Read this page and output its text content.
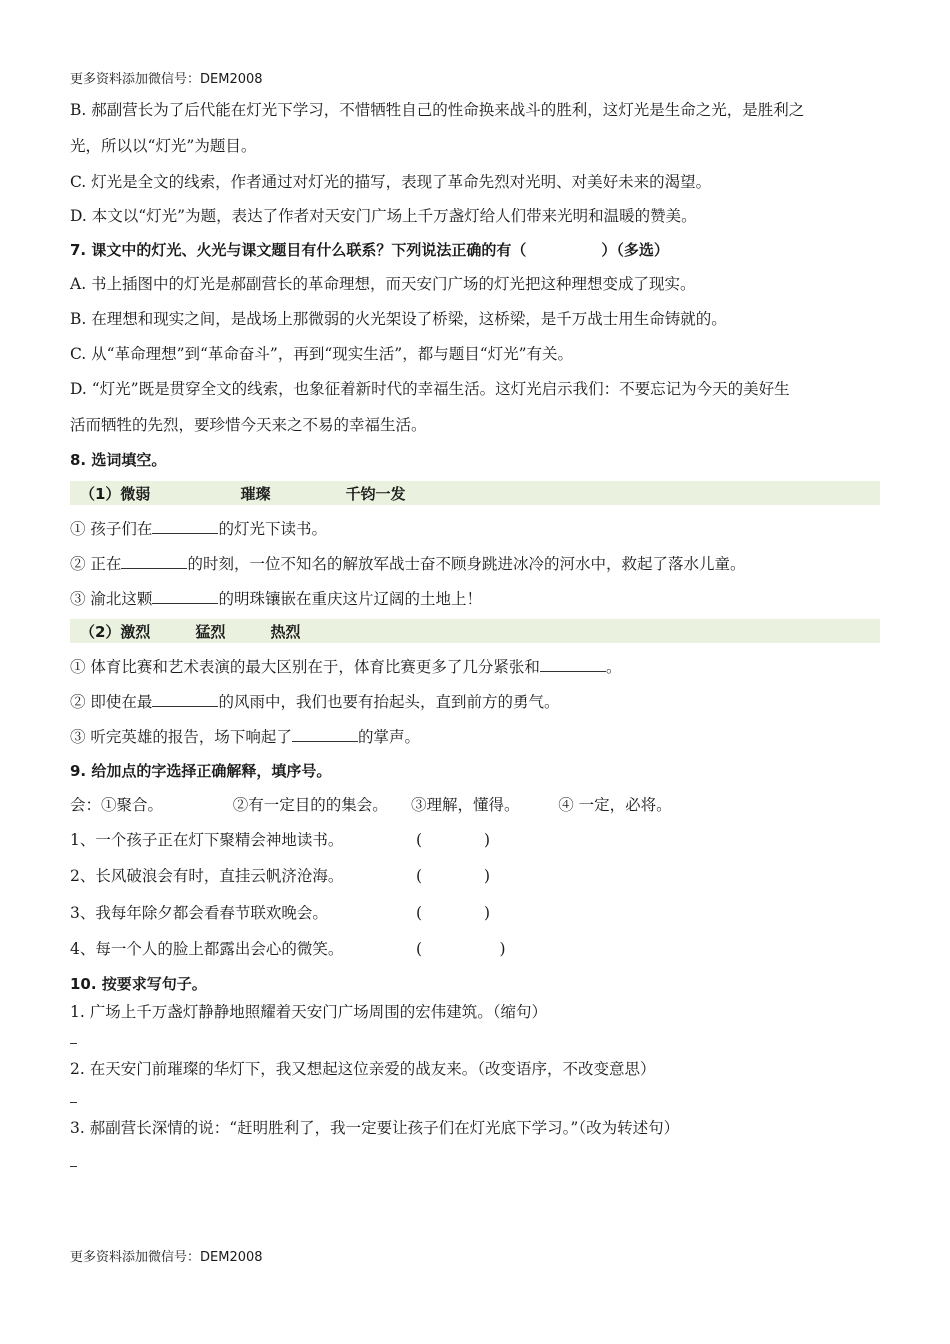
更多资料添加微信号：DEM2008
B. 郝副营长为了后代能在灯光下学习，不惜牺牲自己的性命换来战斗的胜利，这灯光是生命之光，是胜利之
光，所以以“灯光”为题目。
C. 灯光是全文的线索，作者通过对灯光的描写，表现了革命先烈对光明、对美好未来的渴望。
D. 本文以“灯光”为题，表达了作者对天安门广场上千万盏灯给人们带来光明和温暖的赞美。
7. 课文中的灯光、火光与课文题目有什么联系？下列说法正确的有（　　　　　）（多选）
A. 书上插图中的灯光是郝副营长的革命理想，而天安门广场的灯光把这种理想变成了现实。
B. 在理想和现实之间，是战场上那微弱的火光架设了桥梁，这桥梁，是千万战士用生命铸就的。
C. 从“革命理想”到“革命奋斗”，再到“现实生活”，都与题目“灯光”有关。
D. “灯光”既是贯穿全文的线索，也象征着新时代的幸福生活。这灯光启示我们：不要忘记为今天的美好生
活而牺牲的先烈，要珍惜今天来之不易的幸福生活。
8. 选词填空。
（1）微弱　　　　　　璀璨　　　　　千钧一发
① 孩子们在	的灯光下读书。
② 正在	的时刻，一位不知名的解放军战士奋不顾身跳进冰冷的河水中，救起了落水儿童。
③ 渝北这颗	的明珠镶嵌在重庆这片辽阔的土地上！
（2）激烈　　　猛烈　　　热烈
① 体育比赛和艺术表演的最大区别在于，体育比赛更多了几分紧张和	。
② 即使在最	的风雨中，我们也要有抬起头，直到前方的勇气。
③ 听完英雄的报告，场下响起了	的掌声。
9. 给加点的字选择正确解释，填序号。
会：①聚合。　　　　　②有一定目的的集会。　　③理解，懂得。　　　④ 一定，必将。
1、一个孩子正在灯下聚精会神地读书。	(　　　　)
2、长风破浪会有时，直挂云帆济沧海。	(　　　　)
3、我每年除夕都会看春节联欢晚会。	(　　　　)
4、每一个人的脸上都露出会心的微笑。	(　　　　　)
10. 按要求写句子。
1. 广场上千万盏灯静静地照耀着天安门广场周围的宏伟建筑。（缩句）
2. 在天安门前璀璨的华灯下，我又想起这位亲爱的战友来。（改变语序，不改变意思）
3. 郝副营长深情的说：“赶明胜利了，我一定要让孩子们在灯光底下学习。”（改为转述句）
更多资料添加微信号：DEM2008
